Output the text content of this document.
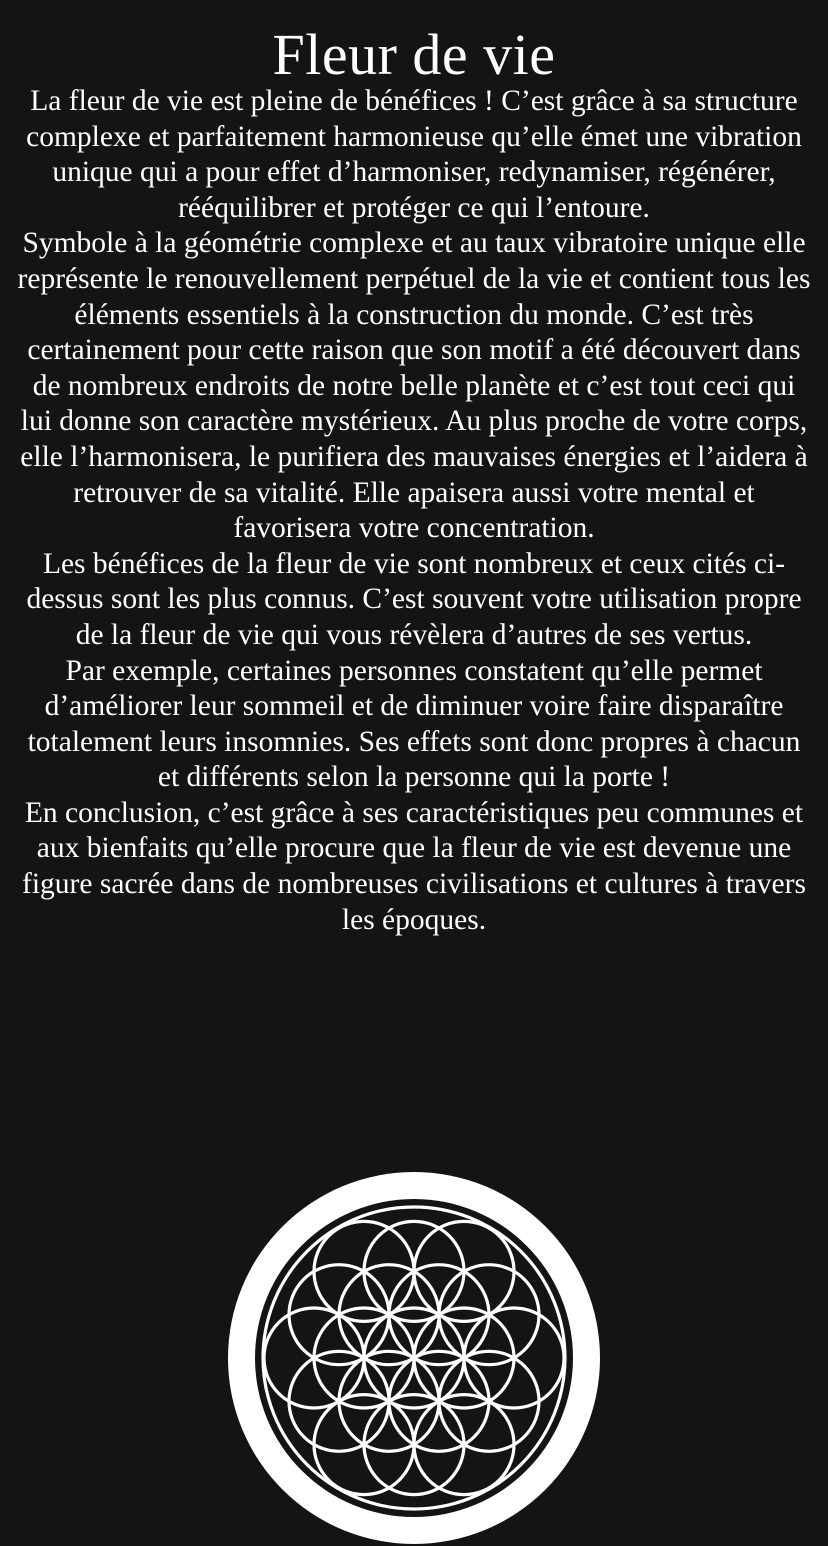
Fleur de vie

La fleur de vie est pleine de bénéfices ! C’est grâce à sa structure complexe et parfaitement harmonieuse qu’elle émet une vibration unique qui a pour effet d’harmoniser, redynamiser, régénérer, rééquilibrer et protéger ce qui l’entoure.

Symbole à la géométrie complexe et au taux vibratoire unique elle représente le renouvellement perpétuel de la vie et contient tous les éléments essentiels à la construction du monde. C’est très certainement pour cette raison que son motif a été découvert dans de nombreux endroits de notre belle planète et c’est tout ceci qui lui donne son caractère mystérieux. Au plus proche de votre corps, elle l’harmonisera, le purifiera des mauvaises énergies et l’aidera à retrouver de sa vitalité. Elle apaisera aussi votre mental et favorisera votre concentration.

Les bénéfices de la fleur de vie sont nombreux et ceux cités ci-dessus sont les plus connus. C’est souvent votre utilisation propre de la fleur de vie qui vous révèlera d’autres de ses vertus.

Par exemple, certaines personnes constatent qu’elle permet d’améliorer leur sommeil et de diminuer voire faire disparaître totalement leurs insomnies. Ses effets sont donc propres à chacun et différents selon la personne qui la porte !

En conclusion, c’est grâce à ses caractéristiques peu communes et aux bienfaits qu’elle procure que la fleur de vie est devenue une figure sacrée dans de nombreuses civilisations et cultures à travers les époques.
